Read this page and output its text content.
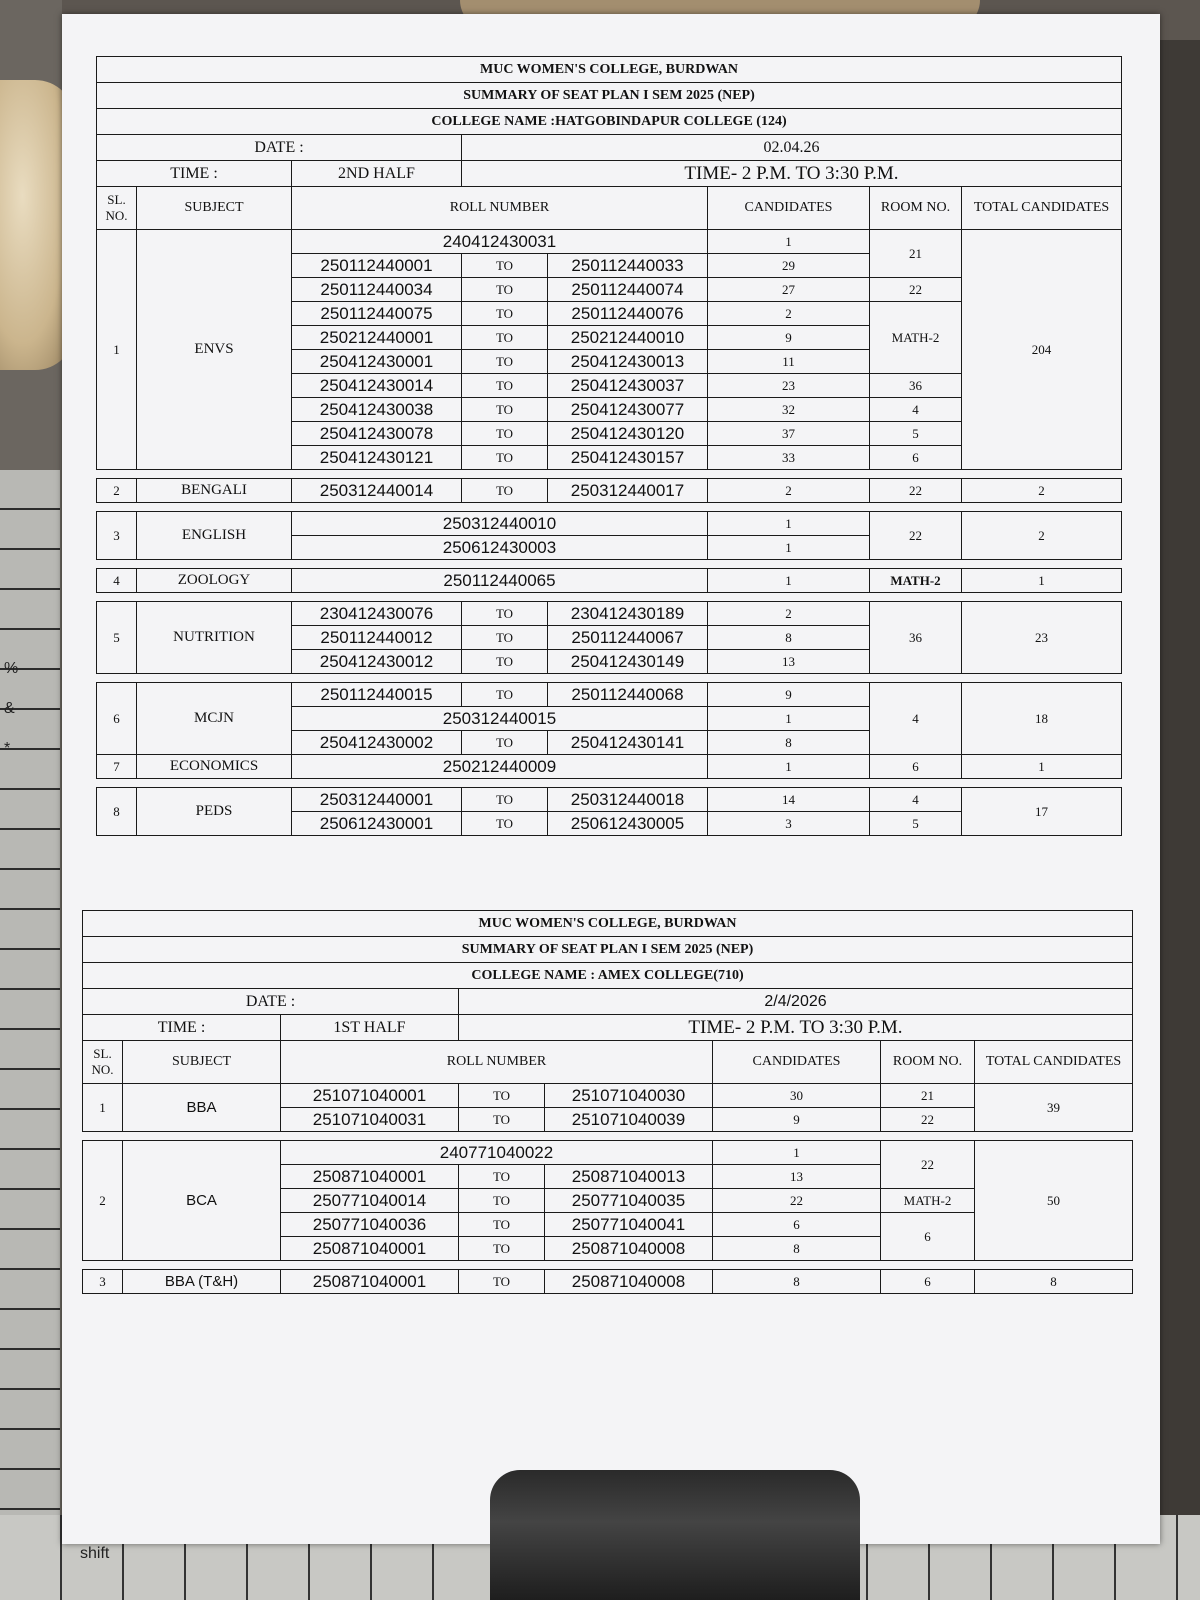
%
&
*
shift
MUC WOMEN'S COLLEGE, BURDWAN							
SUMMARY OF SEAT PLAN I SEM 2025 (NEP)							
COLLEGE NAME :HATGOBINDAPUR COLLEGE (124)							
DATE :			02.04.26				
TIME :		2ND HALF	TIME- 2 P.M. TO 3:30 P.M.				
SL. NO.	SUBJECT	ROLL NUMBER			CANDIDATES	ROOM NO.	TOTAL CANDIDATES
1	ENVS	240412430031			1	21	204
		250112440001	TO	250112440033	29		
		250112440034	TO	250112440074	27	22	
		250112440075	TO	250112440076	2	MATH-2	
		250212440001	TO	250212440010	9		
		250412430001	TO	250412430013	11		
		250412430014	TO	250412430037	23	36	
		250412430038	TO	250412430077	32	4	
		250412430078	TO	250412430120	37	5	
		250412430121	TO	250412430157	33	6	

2	BENGALI	250312440014	TO	250312440017	2	22	2

3	ENGLISH	250312440010			1	22	2
		250612430003			1		

4	ZOOLOGY	250112440065			1	MATH-2	1

5	NUTRITION	230412430076	TO	230412430189	2	36	23
		250112440012	TO	250112440067	8		
		250412430012	TO	250412430149	13		

6	MCJN	250112440015	TO	250112440068	9	4	18
		250312440015			1		
		250412430002	TO	250412430141	8		
7	ECONOMICS	250212440009			1	6	1

8	PEDS	250312440001	TO	250312440018	14	4	17
		250612430001	TO	250612430005	3	5	
MUC WOMEN'S COLLEGE, BURDWAN							
SUMMARY OF SEAT PLAN I SEM 2025 (NEP)							
COLLEGE NAME : AMEX COLLEGE(710)							
DATE :			2/4/2026				
TIME :		1ST HALF	TIME- 2 P.M. TO 3:30 P.M.				
SL. NO.	SUBJECT	ROLL NUMBER			CANDIDATES	ROOM NO.	TOTAL CANDIDATES
1	BBA	251071040001	TO	251071040030	30	21	39
		251071040031	TO	251071040039	9	22	

2	BCA	240771040022			1	22	50
		250871040001	TO	250871040013	13		
		250771040014	TO	250771040035	22	MATH-2	
		250771040036	TO	250771040041	6	6	
		250871040001	TO	250871040008	8		

3	BBA (T&H)	250871040001	TO	250871040008	8	6	8
